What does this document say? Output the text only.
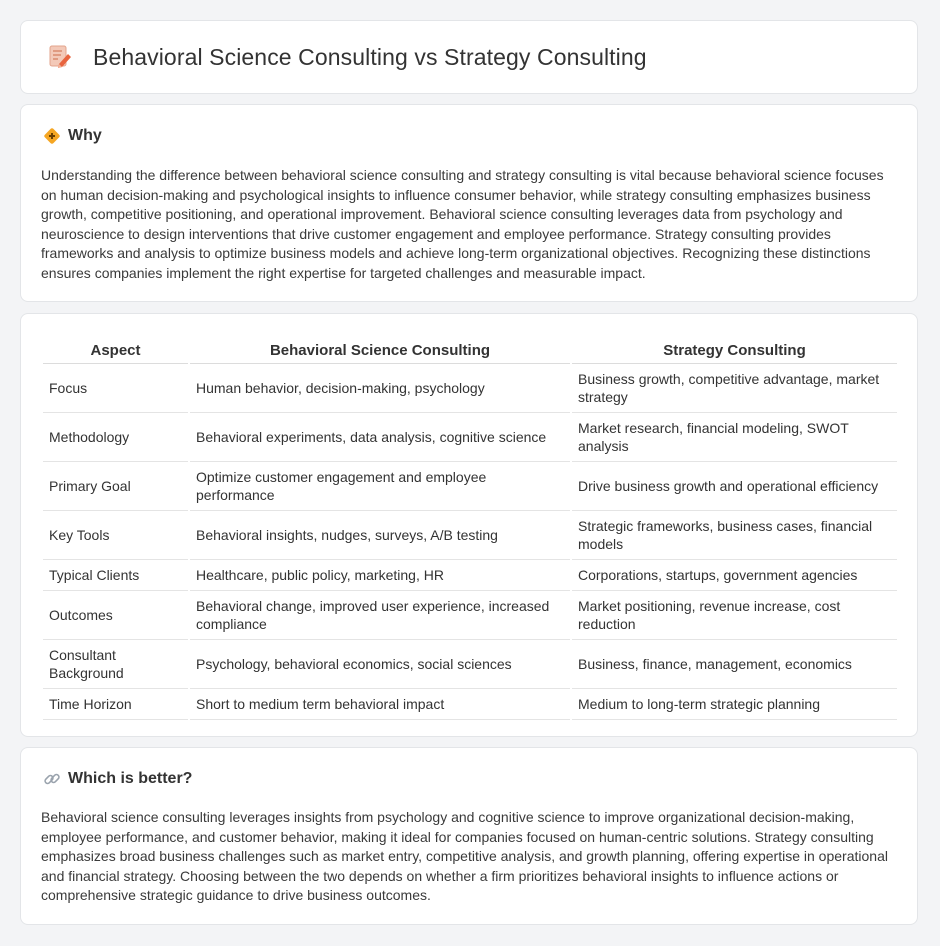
Behavioral Science Consulting vs Strategy Consulting
Why

Understanding the difference between behavioral science consulting and strategy consulting is vital because behavioral science focuses on human decision-making and psychological insights to influence consumer behavior, while strategy consulting emphasizes business growth, competitive positioning, and operational improvement. Behavioral science consulting leverages data from psychology and neuroscience to design interventions that drive customer engagement and employee performance. Strategy consulting provides frameworks and analysis to optimize business models and achieve long-term organizational objectives. Recognizing these distinctions ensures companies implement the right expertise for targeted challenges and measurable impact.

Aspect	Behavioral Science Consulting	Strategy Consulting
Focus	Human behavior, decision-making, psychology	Business growth, competitive advantage, market strategy
Methodology	Behavioral experiments, data analysis, cognitive science	Market research, financial modeling, SWOT analysis
Primary Goal	Optimize customer engagement and employee performance	Drive business growth and operational efficiency
Key Tools	Behavioral insights, nudges, surveys, A/B testing	Strategic frameworks, business cases, financial models
Typical Clients	Healthcare, public policy, marketing, HR	Corporations, startups, government agencies
Outcomes	Behavioral change, improved user experience, increased compliance	Market positioning, revenue increase, cost reduction
Consultant Background	Psychology, behavioral economics, social sciences	Business, finance, management, economics
Time Horizon	Short to medium term behavioral impact	Medium to long-term strategic planning
Which is better?

Behavioral science consulting leverages insights from psychology and cognitive science to improve organizational decision-making, employee performance, and customer behavior, making it ideal for companies focused on human-centric solutions. Strategy consulting emphasizes broad business challenges such as market entry, competitive analysis, and growth planning, offering expertise in operational and financial strategy. Choosing between the two depends on whether a firm prioritizes behavioral insights to influence actions or comprehensive strategic guidance to drive business outcomes.
